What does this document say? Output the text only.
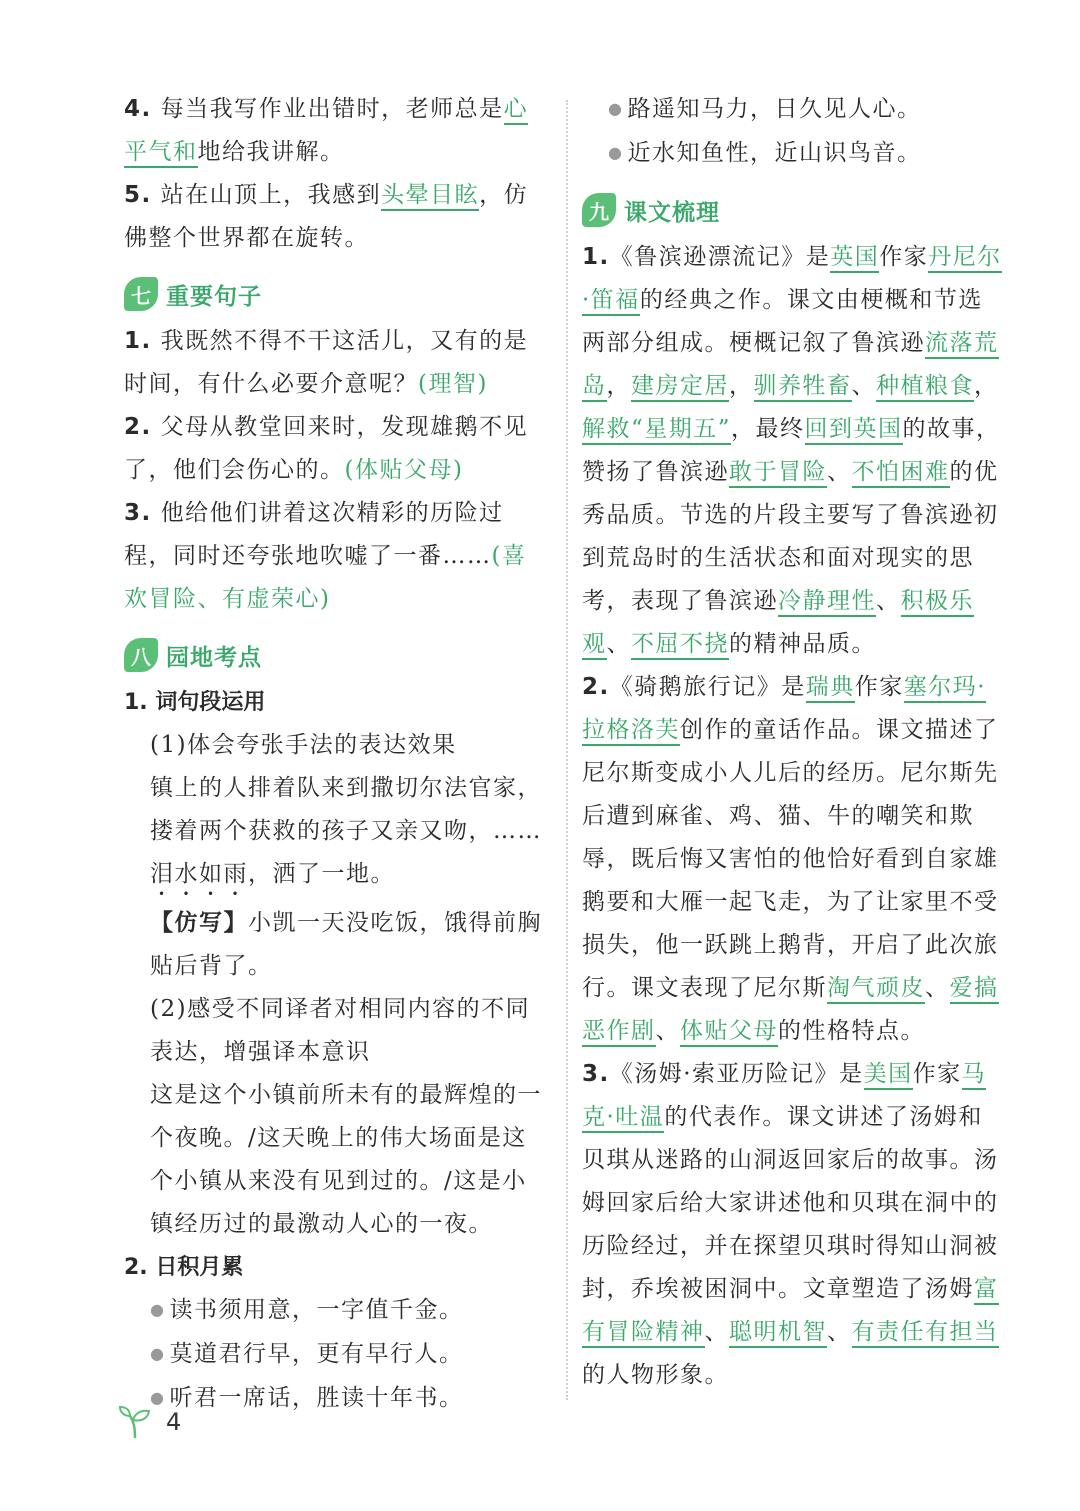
4. 每当我写作业出错时，老师总是心平气和地给我讲解。

5. 站在山顶上，我感到头晕目眩，仿佛整个世界都在旋转。

七 重要句子

1. 我既然不得不干这活儿，又有的是时间，有什么必要介意呢？(理智)

2. 父母从教堂回来时，发现雄鹅不见了，他们会伤心的。(体贴父母)

3. 他给他们讲着这次精彩的历险过程，同时还夸张地吹嘘了一番……(喜欢冒险、有虚荣心)

八 园地考点

1. 词句段运用

(1)体会夸张手法的表达效果

镇上的人排着队来到撒切尔法官家，搂着两个获救的孩子又亲又吻，……泪水如雨，洒了一地。

【仿写】小凯一天没吃饭，饿得前胸贴后背了。

(2)感受不同译者对相同内容的不同表达，增强译本意识

这是这个小镇前所未有的最辉煌的一个夜晚。/这天晚上的伟大场面是这个小镇从来没有见到过的。/这是小镇经历过的最激动人心的一夜。

2. 日积月累

● 读书须用意，一字值千金。

● 莫道君行早，更有早行人。

● 听君一席话，胜读十年书。

● 路遥知马力，日久见人心。

● 近水知鱼性，近山识鸟音。

九 课文梳理

1.《鲁滨逊漂流记》是英国作家丹尼尔·笛福的经典之作。课文由梗概和节选两部分组成。梗概记叙了鲁滨逊流落荒岛，建房定居，驯养牲畜、种植粮食，解救“星期五”，最终回到英国的故事，赞扬了鲁滨逊敢于冒险、不怕困难的优秀品质。节选的片段主要写了鲁滨逊初到荒岛时的生活状态和面对现实的思考，表现了鲁滨逊冷静理性、积极乐观、不屈不挠的精神品质。

2.《骑鹅旅行记》是瑞典作家塞尔玛·拉格洛芙创作的童话作品。课文描述了尼尔斯变成小人儿后的经历。尼尔斯先后遭到麻雀、鸡、猫、牛的嘲笑和欺辱，既后悔又害怕的他恰好看到自家雄鹅要和大雁一起飞走，为了让家里不受损失，他一跃跳上鹅背，开启了此次旅行。课文表现了尼尔斯淘气顽皮、爱搞恶作剧、体贴父母的性格特点。

3.《汤姆·索亚历险记》是美国作家马克·吐温的代表作。课文讲述了汤姆和贝琪从迷路的山洞返回家后的故事。汤姆回家后给大家讲述他和贝琪在洞中的历险经过，并在探望贝琪时得知山洞被封，乔埃被困洞中。文章塑造了汤姆富有冒险精神、聪明机智、有责任有担当的人物形象。

4
